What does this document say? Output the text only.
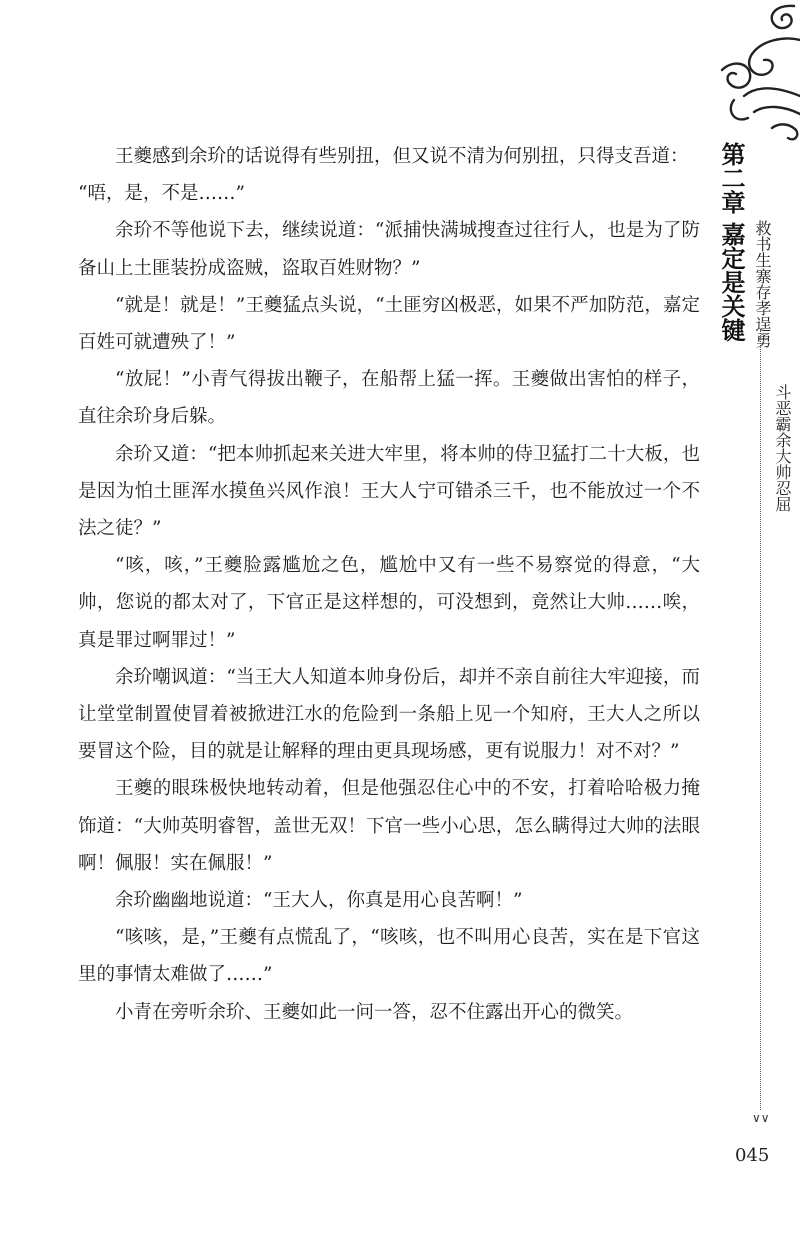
王夔感到余玠的话说得有些别扭，但又说不清为何别扭，只得支吾道：

“唔，是，不是……”

余玠不等他说下去，继续说道：“派捕快满城搜查过往行人，也是为了防备山上土匪装扮成盗贼，盗取百姓财物？”

“就是！就是！”王夔猛点头说，“土匪穷凶极恶，如果不严加防范，嘉定百姓可就遭殃了！”

“放屁！”小青气得拔出鞭子，在船帮上猛一挥。王夔做出害怕的样子，直往余玠身后躲。

余玠又道：“把本帅抓起来关进大牢里，将本帅的侍卫猛打二十大板，也是因为怕土匪浑水摸鱼兴风作浪！王大人宁可错杀三千，也不能放过一个不法之徒？”

“咳，咳，”王夔脸露尴尬之色，尴尬中又有一些不易察觉的得意，“大帅，您说的都太对了，下官正是这样想的，可没想到，竟然让大帅……唉，真是罪过啊罪过！”

余玠嘲讽道：“当王大人知道本帅身份后，却并不亲自前往大牢迎接，而让堂堂制置使冒着被掀进江水的危险到一条船上见一个知府，王大人之所以要冒这个险，目的就是让解释的理由更具现场感，更有说服力！对不对？”

王夔的眼珠极快地转动着，但是他强忍住心中的不安，打着哈哈极力掩饰道：“大帅英明睿智，盖世无双！下官一些小心思，怎么瞒得过大帅的法眼啊！佩服！实在佩服！”

余玠幽幽地说道：“王大人，你真是用心良苦啊！”

“咳咳，是，”王夔有点慌乱了，“咳咳，也不叫用心良苦，实在是下官这里的事情太难做了……”

小青在旁听余玠、王夔如此一问一答，忍不住露出开心的微笑。

第二章
嘉定是关键 救书生寨存孝逞勇
斗恶霸余大帅忍屈
∨∨
045
